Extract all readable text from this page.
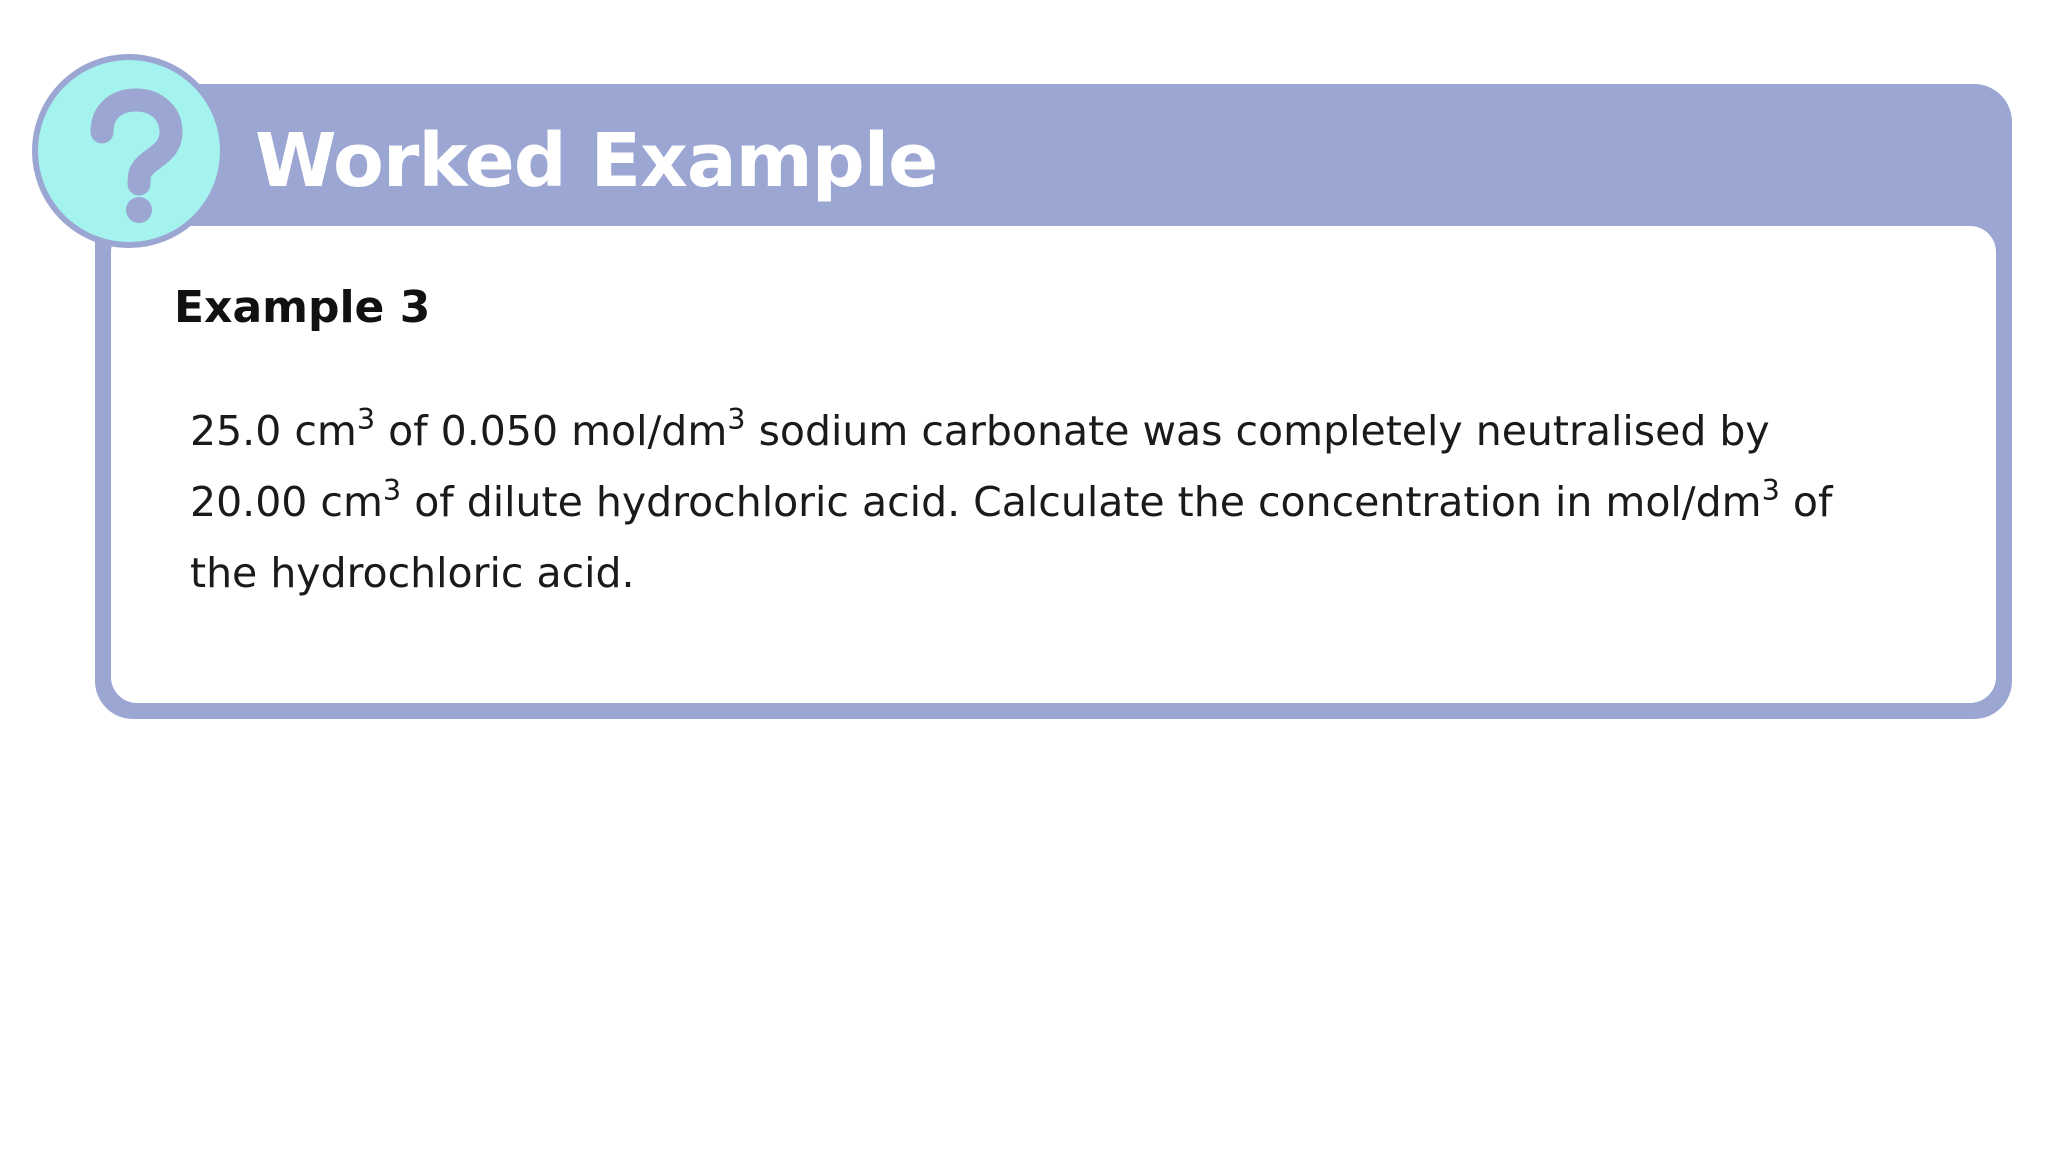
Worked Example
Example 3

25.0 $cm^3$ of 0.050 mol/$dm^3$ sodium carbonate was completely neutralised by
20.00 $cm^3$ of dilute hydrochloric acid. Calculate the concentration in mol/$dm^3$ of
the hydrochloric acid.
